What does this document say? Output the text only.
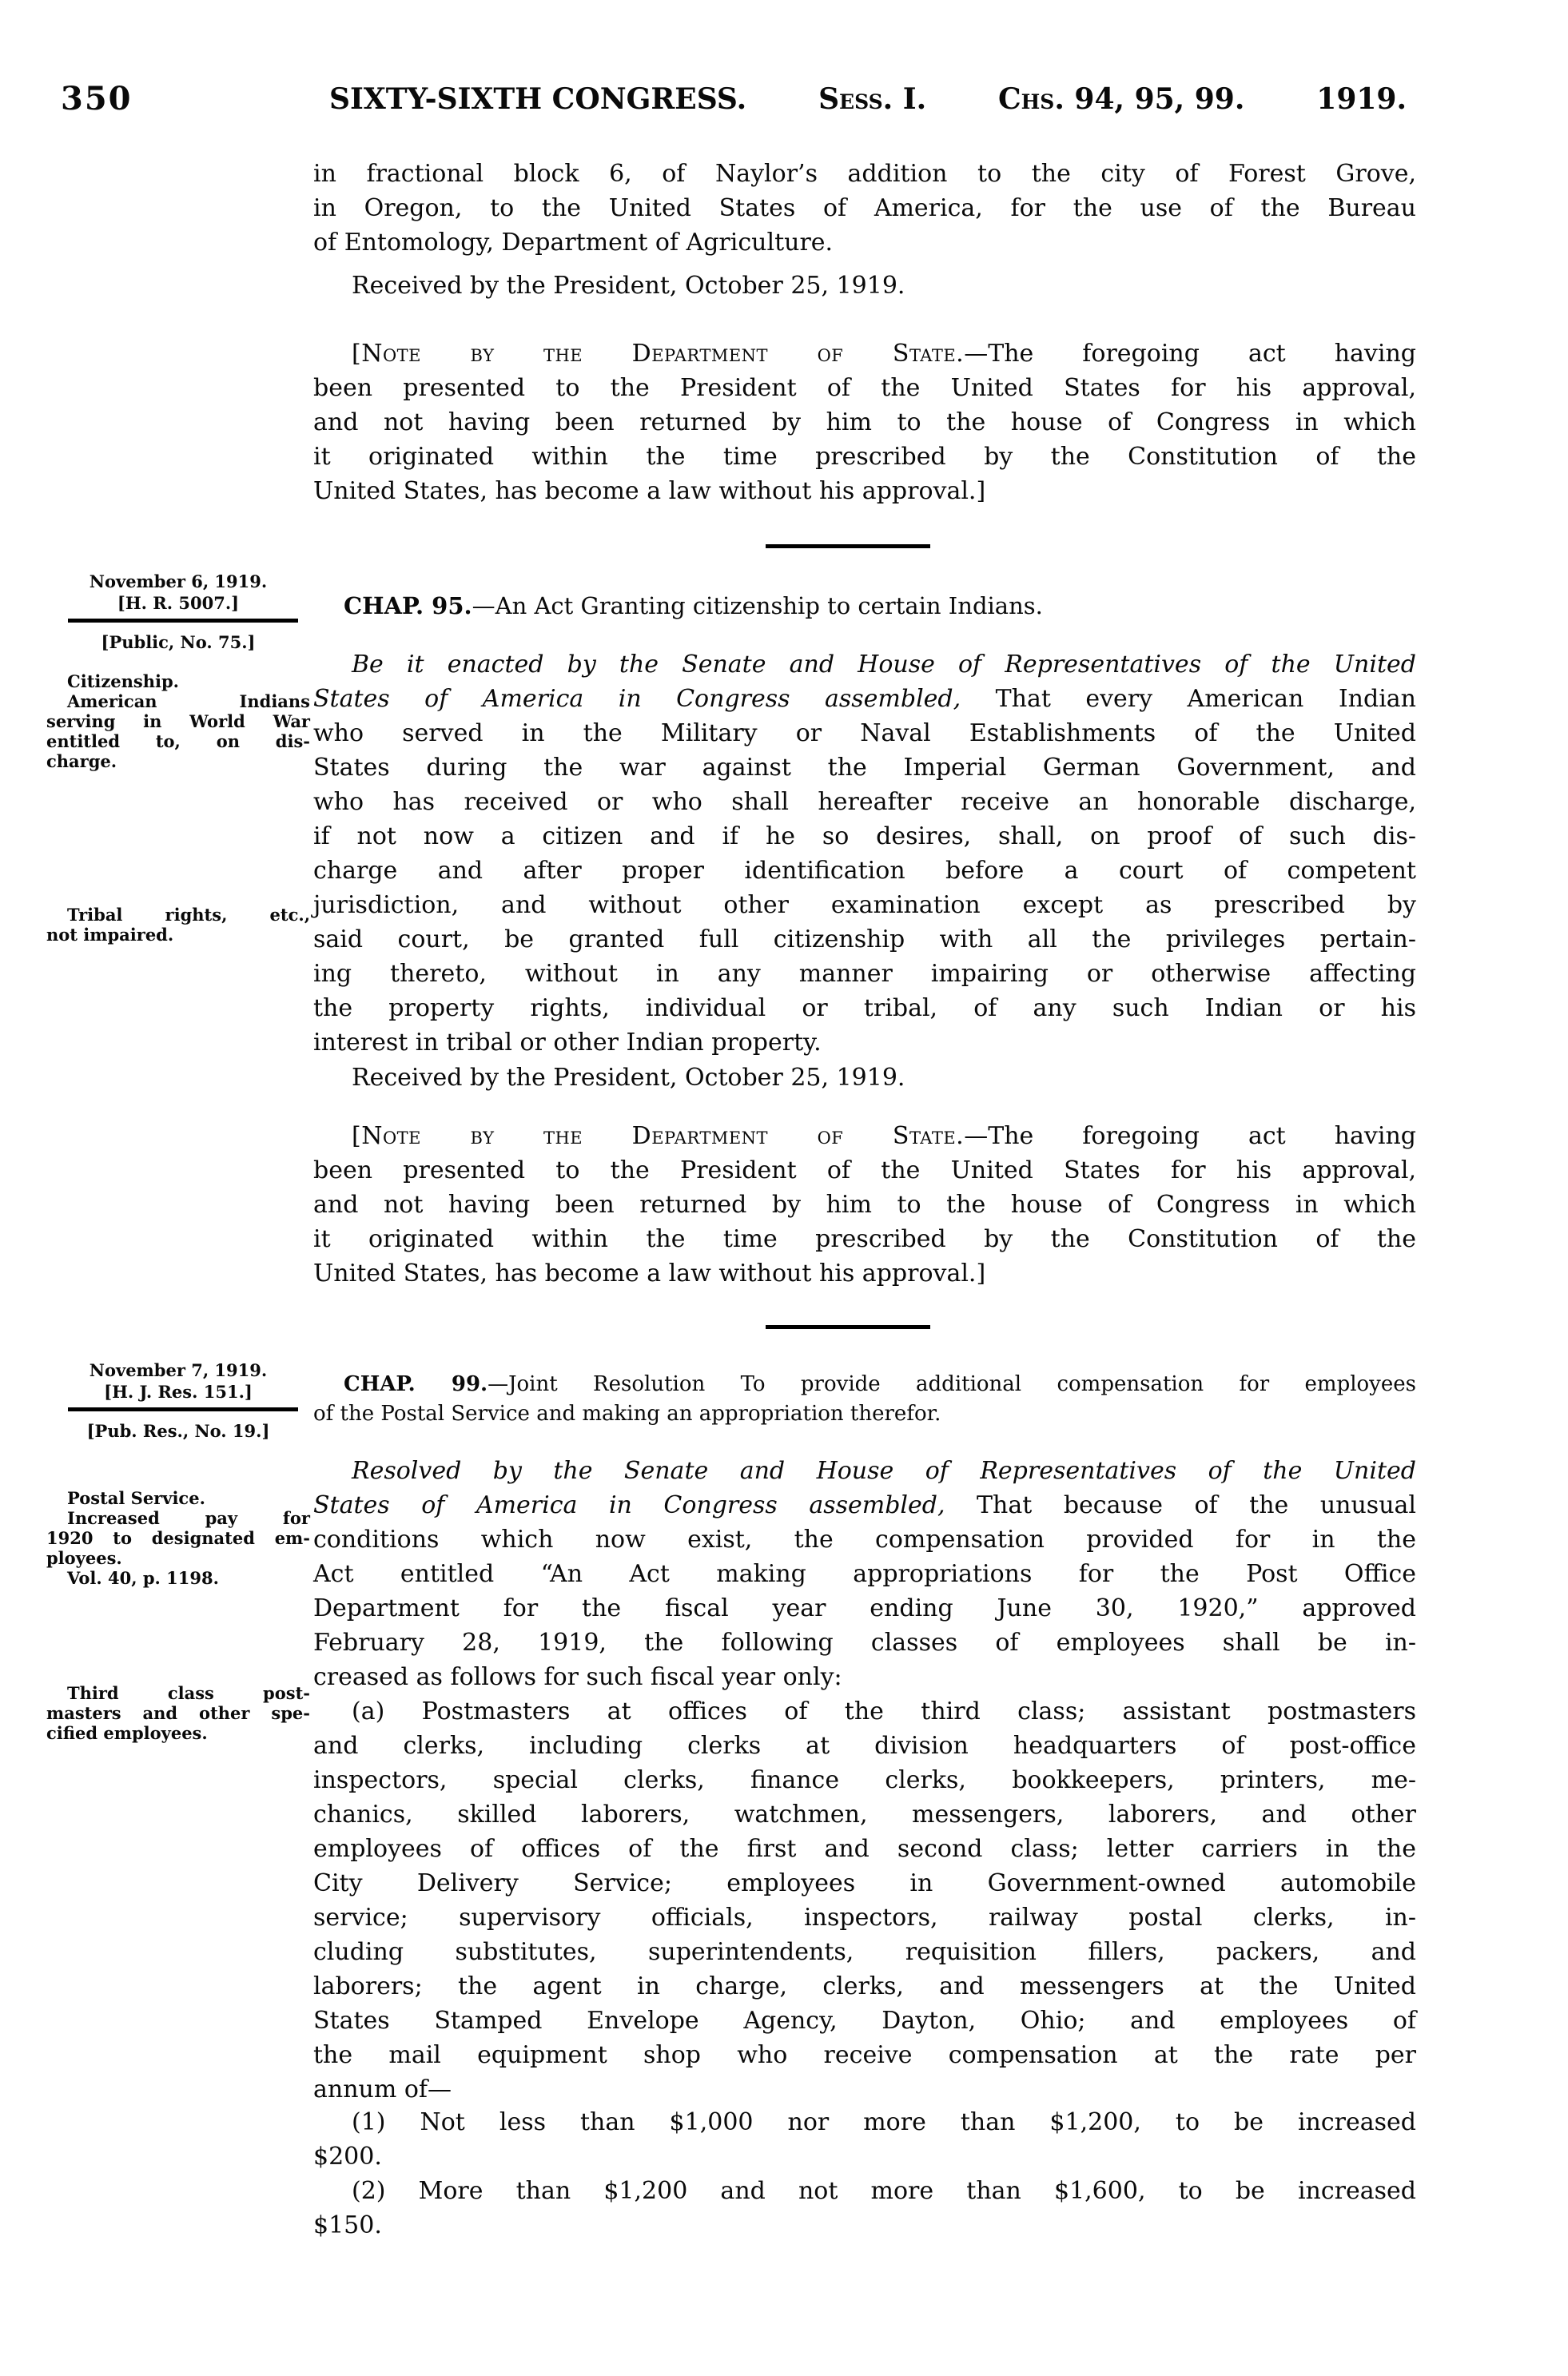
350	SIXTY-SIXTH CONGRESS. Sess. I. Chs. 94, 95, 99. 1919.
in fractional block 6, of Naylor’s addition to the city of Forest Grove,
in Oregon, to the United States of America, for the use of the Bureau
of Entomology, Department of Agriculture.
Received by the President, October 25, 1919.
[Note by the Department of State.—The foregoing act having
been presented to the President of the United States for his approval,
and not having been returned by him to the house of Congress in which
it originated within the time prescribed by the Constitution of the
United States, has become a law without his approval.]
November 6, 1919.
[H. R. 5007.]
[Public, No. 75.]
Citizenship.
American Indians
serving in World War
entitled to, on dis-
charge.
Tribal rights, etc.,
not impaired.
CHAP. 95.—An Act Granting citizenship to certain Indians.
Be it enacted by the Senate and House of Representatives of the United
States of America in Congress assembled, That every American Indian
who served in the Military or Naval Establishments of the United
States during the war against the Imperial German Government, and
who has received or who shall hereafter receive an honorable discharge,
if not now a citizen and if he so desires, shall, on proof of such dis-
charge and after proper identification before a court of competent
jurisdiction, and without other examination except as prescribed by
said court, be granted full citizenship with all the privileges pertain-
ing thereto, without in any manner impairing or otherwise affecting
the property rights, individual or tribal, of any such Indian or his
interest in tribal or other Indian property.
Received by the President, October 25, 1919.
[Note by the Department of State.—The foregoing act having
been presented to the President of the United States for his approval,
and not having been returned by him to the house of Congress in which
it originated within the time prescribed by the Constitution of the
United States, has become a law without his approval.]
November 7, 1919.
[H. J. Res. 151.]
[Pub. Res., No. 19.]
Postal Service.
Increased pay for
1920 to designated em-
ployees.
Vol. 40, p. 1198.
Third class post-
masters and other spe-
cified employees.
CHAP. 99.—Joint Resolution To provide additional compensation for employees
of the Postal Service and making an appropriation therefor.
Resolved by the Senate and House of Representatives of the United
States of America in Congress assembled, That because of the unusual
conditions which now exist, the compensation provided for in the
Act entitled “An Act making appropriations for the Post Office
Department for the fiscal year ending June 30, 1920,” approved
February 28, 1919, the following classes of employees shall be in-
creased as follows for such fiscal year only:
(a) Postmasters at offices of the third class; assistant postmasters
and clerks, including clerks at division headquarters of post-office
inspectors, special clerks, finance clerks, bookkeepers, printers, me-
chanics, skilled laborers, watchmen, messengers, laborers, and other
employees of offices of the first and second class; letter carriers in the
City Delivery Service; employees in Government-owned automobile
service; supervisory officials, inspectors, railway postal clerks, in-
cluding substitutes, superintendents, requisition fillers, packers, and
laborers; the agent in charge, clerks, and messengers at the United
States Stamped Envelope Agency, Dayton, Ohio; and employees of
the mail equipment shop who receive compensation at the rate per
annum of—
(1) Not less than $1,000 nor more than $1,200, to be increased
$200.
(2) More than $1,200 and not more than $1,600, to be increased
$150.
